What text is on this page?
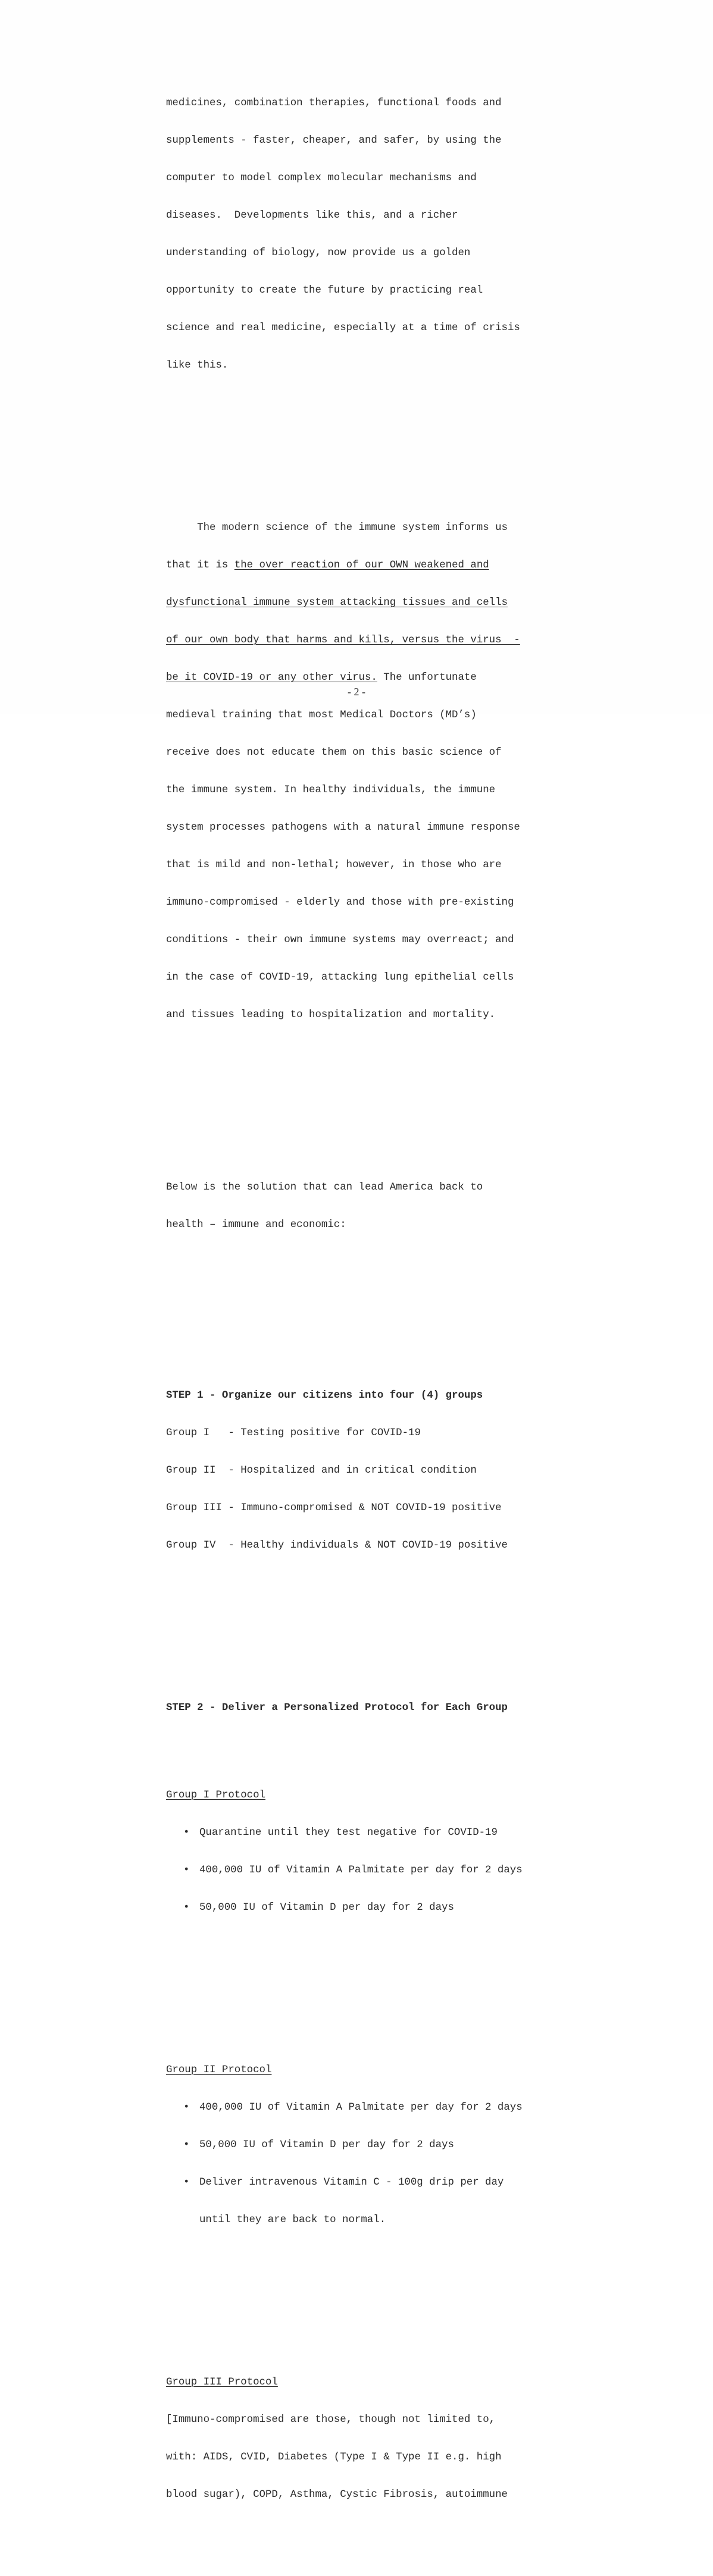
medicines, combination therapies, functional foods and

supplements - faster, cheaper, and safer, by using the

computer to model complex molecular mechanisms and

diseases.  Developments like this, and a richer

understanding of biology, now provide us a golden

opportunity to create the future by practicing real

science and real medicine, especially at a time of crisis

like this.

The modern science of the immune system informs us

that it is the over reaction of our OWN weakened and

dysfunctional immune system attacking tissues and cells

of our own body that harms and kills, versus the virus  -

be it COVID-19 or any other virus. The unfortunate

medieval training that most Medical Doctors (MD’s)

receive does not educate them on this basic science of

the immune system. In healthy individuals, the immune

system processes pathogens with a natural immune response

that is mild and non-lethal; however, in those who are

immuno-compromised - elderly and those with pre-existing

conditions - their own immune systems may overreact; and

in the case of COVID-19, attacking lung epithelial cells

and tissues leading to hospitalization and mortality.

Below is the solution that can lead America back to

health – immune and economic:

STEP 1 - Organize our citizens into four (4) groups

Group I   - Testing positive for COVID-19

Group II  - Hospitalized and in critical condition

Group III - Immuno-compromised & NOT COVID-19 positive

Group IV  - Healthy individuals & NOT COVID-19 positive

STEP 2 - Deliver a Personalized Protocol for Each Group

Group I Protocol

• Quarantine until they test negative for COVID-19

• 400,000 IU of Vitamin A Palmitate per day for 2 days

• 50,000 IU of Vitamin D per day for 2 days

Group II Protocol

• 400,000 IU of Vitamin A Palmitate per day for 2 days

• 50,000 IU of Vitamin D per day for 2 days

• Deliver intravenous Vitamin C - 100g drip per day

until they are back to normal.

Group III Protocol

[Immuno-compromised are those, though not limited to,

with: AIDS, CVID, Diabetes (Type I & Type II e.g. high

blood sugar), COPD, Asthma, Cystic Fibrosis, autoimmune

- 2 -
